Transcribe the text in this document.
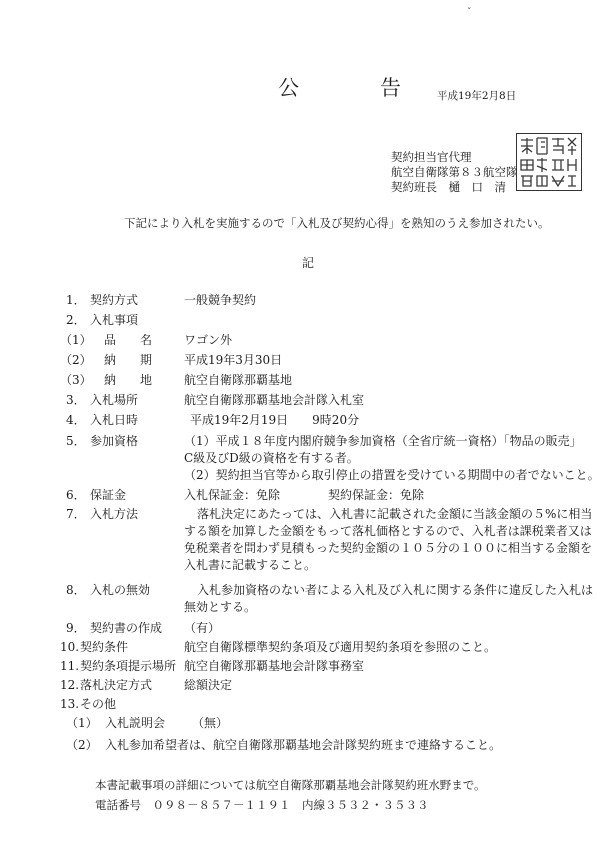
ˇ
公　告 平成19年2月8日
契約担当官代理
航空自衛隊第８３航空隊
契約班長　樋　口　清
下記により入札を実施するので「入札及び契約心得」を熟知のうえ参加されたい。
記
1． 契約方式	一般競争契約
2． 入札事項
（1） 品　　名	ワゴン外
（2） 納　　期	平成19年3月30日
（3） 納　　地	航空自衛隊那覇基地
3． 入札場所	航空自衛隊那覇基地会計隊入札室
4． 入札日時	平成19年2月19日　　9時20分
5． 参加資格	（1）平成１８年度内閣府競争参加資格（全省庁統一資格）「物品の販売」
C級及びD級の資格を有する者。
（2）契約担当官等から取引停止の措置を受けている期間中の者でないこと。
6． 保証金	入札保証金：免除　　　　契約保証金：免除
7． 入札方法	落札決定にあたっては、入札書に記載された金額に当該金額の５%に相当
する額を加算した金額をもって落札価格とするので、入札者は課税業者又は
免税業者を問わず見積もった契約金額の１０５分の１００に相当する金額を
入札書に記載すること。
8． 入札の無効	入札参加資格のない者による入札及び入札に関する条件に違反した入札は
無効とする。
9． 契約書の作成 （有）
10. 契約条件	航空自衛隊標準契約条項及び適用契約条項を参照のこと。
11. 契約条項提示場所 航空自衛隊那覇基地会計隊事務室
12. 落札決定方式	総額決定
13. その他
（1） 入札説明会 （無）
（2） 入札参加希望者は、航空自衛隊那覇基地会計隊契約班まで連絡すること。
本書記載事項の詳細については航空自衛隊那覇基地会計隊契約班水野まで。
電話番号　０９８－８５７－１１９１　内線３５３２・３５３３
